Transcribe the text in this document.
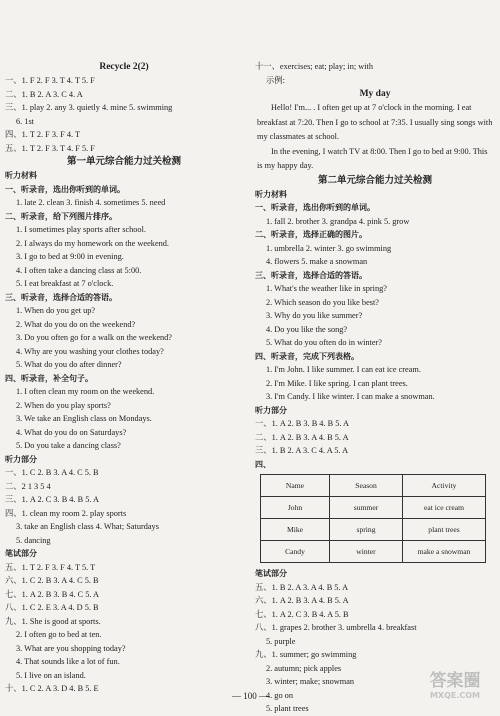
Recycle 2(2)
一、1. F 2. F 3. T 4. T 5. F
二、1. B 2. A 3. C 4. A
三、1. play 2. any 3. quietly 4. mine 5. swimming
6. 1st
四、1. T 2. F 3. F 4. T
五、1. T 2. F 3. T 4. F 5. F
第一单元综合能力过关检测
听力材料
一、听录音，选出你听到的单词。
1. late 2. clean 3. finish 4. sometimes 5. need
二、听录音，给下列图片排序。
1. I sometimes play sports after school.
2. I always do my homework on the weekend.
3. I go to bed at 9:00 in evening.
4. I often take a dancing class at 5:00.
5. I eat breakfast at 7 o'clock.
三、听录音，选择合适的答语。
1. When do you get up?
2. What do you do on the weekend?
3. Do you often go for a walk on the weekend?
4. Why are you washing your clothes today?
5. What do you do after dinner?
四、听录音，补全句子。
1. I often clean my room on the weekend.
2. When do you play sports?
3. We take an English class on Mondays.
4. What do you do on Saturdays?
5. Do you take a dancing class?
听力部分
一、1. C 2. B 3. A 4. C 5. B
二、2 1 3 5 4
三、1. A 2. C 3. B 4. B 5. A
四、1. clean my room 2. play sports
3. take an English class 4. What; Saturdays
5. dancing
笔试部分
五、1. T 2. F 3. F 4. T 5. T
六、1. C 2. B 3. A 4. C 5. B
七、1. A 2. B 3. B 4. C 5. A
八、1. C 2. E 3. A 4. D 5. B
九、1. She is good at sports.
2. I often go to bed at ten.
3. What are you shopping today?
4. That sounds like a lot of fun.
5. I live on an island.
十、1. C 2. A 3. D 4. B 5. E
十一、exercises; eat; play; in; with
示例:
My day
Hello! I'm... . I often get up at 7 o'clock in the morning. I eat breakfast at 7:20. Then I go to school at 7:35. I usually sing songs with my classmates at school.
In the evening, I watch TV at 8:00. Then I go to bed at 9:00. This is my happy day.
第二单元综合能力过关检测
听力材料
一、听录音，选出你听到的单词。
1. fall 2. brother 3. grandpa 4. pink 5. grow
二、听录音，选择正确的图片。
1. umbrella 2. winter 3. go swimming
4. flowers 5. make a snowman
三、听录音，选择合适的答语。
1. What's the weather like in spring?
2. Which season do you like best?
3. Why do you like summer?
4. Do you like the song?
5. What do you often do in winter?
四、听录音，完成下列表格。
1. I'm John. I like summer. I can eat ice cream.
2. I'm Mike. I like spring. I can plant trees.
3. I'm Candy. I like winter. I can make a snowman.
听力部分
一、1. A 2. B 3. B 4. B 5. A
二、1. A 2. B 3. A 4. B 5. A
三、1. B 2. A 3. C 4. A 5. A
四、
Name	Season	Activity
John	summer	eat ice cream
Mike	spring	plant trees
Candy	winter	make a snowman
笔试部分
五、1. B 2. A 3. A 4. B 5. A
六、1. A 2. B 3. A 4. B 5. A
七、1. A 2. C 3. B 4. A 5. B
八、1. grapes 2. brother 3. umbrella 4. breakfast
5. purple
九、1. summer; go swimming
2. autumn; pick apples
3. winter; make; snowman
4. go on
5. plant trees
— 100 —
答案圈
MXQE.COM
